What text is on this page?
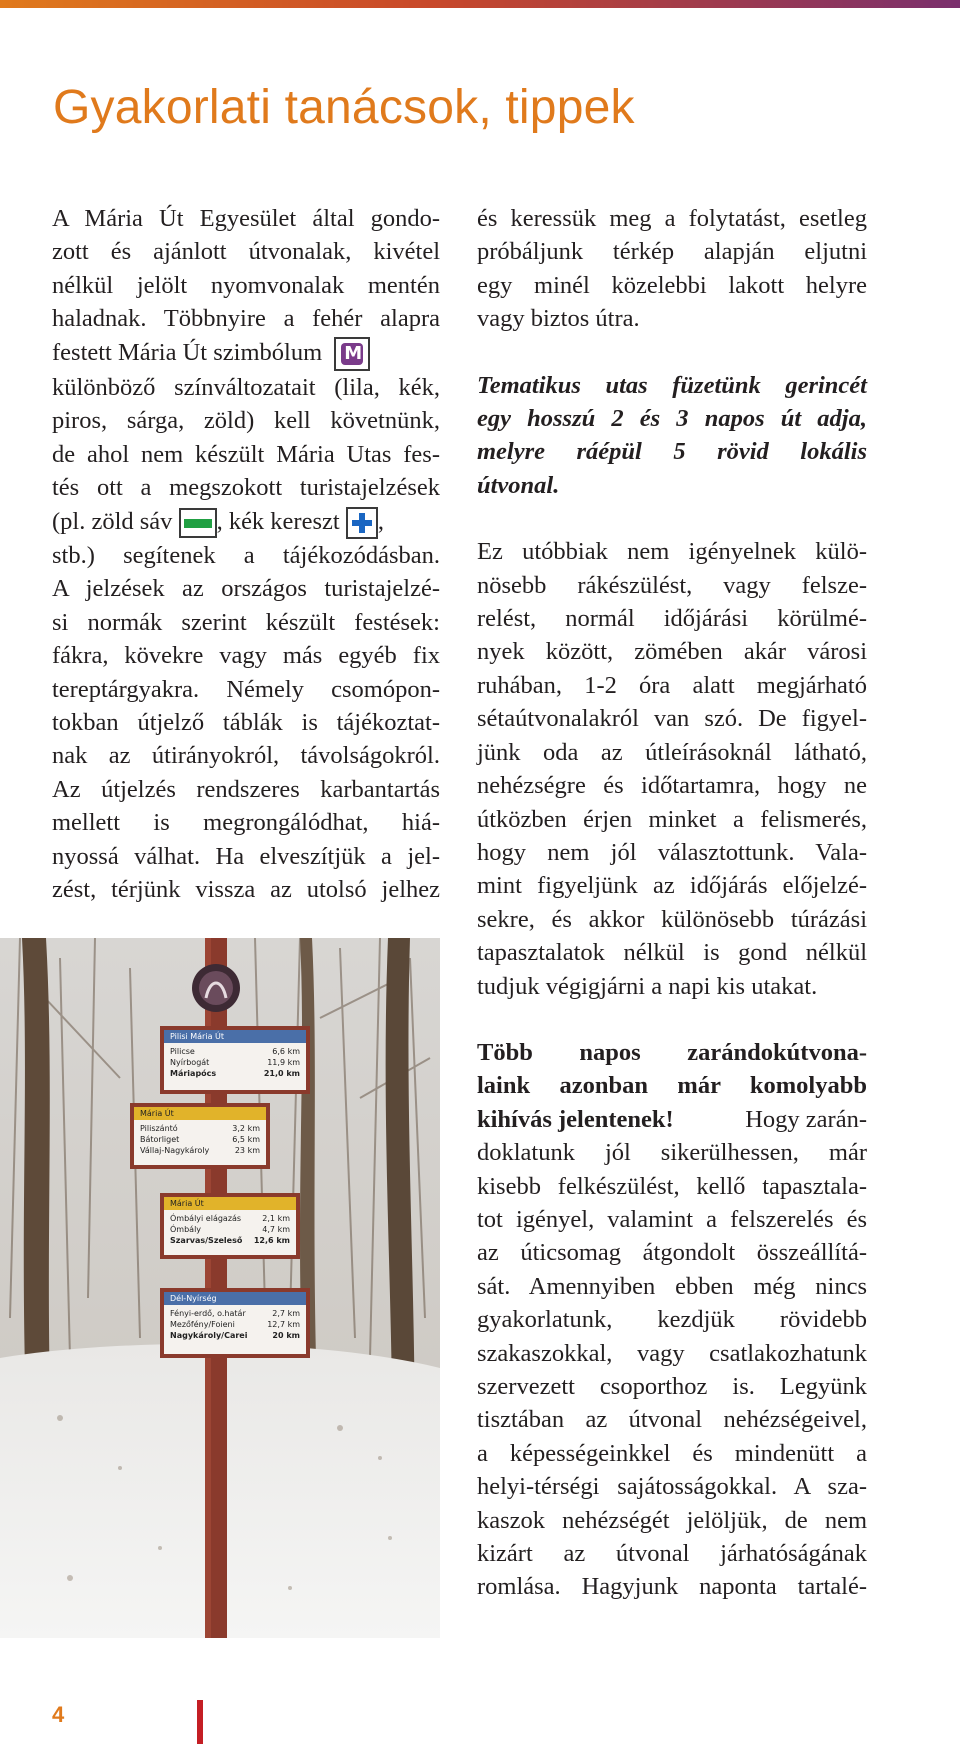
Gyakorlati tanácsok, tippek
A Mária Út Egyesület által gondo-
zott és ajánlott útvonalak, kivétel
nélkül jelölt nyomvonalak mentén
haladnak. Többnyire a fehér alapra
festett Mária Út szimbólum
M
különböző színváltozatait (lila, kék,
piros, sárga, zöld) kell követnünk,
de ahol nem készült Mária Utas fes-
tés ott a megszokott turistajelzések
(pl. zöld sáv , kék kereszt ,
stb.) segítenek a tájékozódásban.
A jelzések az országos turistajelzé-
si normák szerint készült festések:
fákra, kövekre vagy más egyéb fix
tereptárgyakra. Némely csomópon-
tokban útjelző táblák is tájékoztat-
nak az útirányokról, távolságokról.
Az útjelzés rendszeres karbantartás
mellett is megrongálódhat, hiá-
nyossá válhat. Ha elveszítjük a jel-
zést, térjünk vissza az utolsó jelhez
Pilisi Mária Út
Pilicse	6,6 km
Nyírbogát	11,9 km
Máriapócs	21,0 km
Mária Út
Piliszántó	3,2 km
Bátorliget	6,5 km
Vállaj-Nagykároly	23 km
Mária Út
Ómbályi elágazás	2,1 km
Ómbály	4,7 km
Szarvas/Szeleső 12,6 km
Dél-Nyírség
Fényi-erdő, o.határ	2,7 km
Mezőfény/Foieni	12,7 km
Nagykároly/Carei	20 km
és keressük meg a folytatást, esetleg
próbáljunk térkép alapján eljutni
egy minél közelebbi lakott helyre
vagy biztos útra.
Tematikus utas füzetünk gerincét
egy hosszú 2 és 3 napos út adja,
melyre ráépül 5 rövid lokális
útvonal.
Ez utóbbiak nem igényelnek külö-
nösebb rákészülést, vagy felsze-
relést, normál időjárási körülmé-
nyek között, zömében akár városi
ruhában, 1-2 óra alatt megjárható
sétaútvonalakról van szó. De figyel-
jünk oda az útleírásoknál látható,
nehézségre és időtartamra, hogy ne
útközben érjen minket a felismerés,
hogy nem jól választottunk. Vala-
mint figyeljünk az időjárás előjelzé-
sekre, és akkor különösebb túrázási
tapasztalatok nélkül is gond nélkül
tudjuk végigjárni a napi kis utakat.
Több napos zarándokútvona-
laink azonban már komolyabb
kihívás jelentenek!	Hogy zarán-
doklatunk jól sikerülhessen, már
kisebb felkészülést, kellő tapasztala-
tot igényel, valamint a felszerelés és
az úticsomag átgondolt összeállítá-
sát. Amennyiben ebben még nincs
gyakorlatunk, kezdjük rövidebb
szakaszokkal, vagy csatlakozhatunk
szervezett csoporthoz is. Legyünk
tisztában az útvonal nehézségeivel,
a képességeinkkel és mindenütt a
helyi-térségi sajátosságokkal. A sza-
kaszok nehézségét jelöljük, de nem
kizárt az útvonal járhatóságának
romlása. Hagyjunk naponta tartalé-
4
